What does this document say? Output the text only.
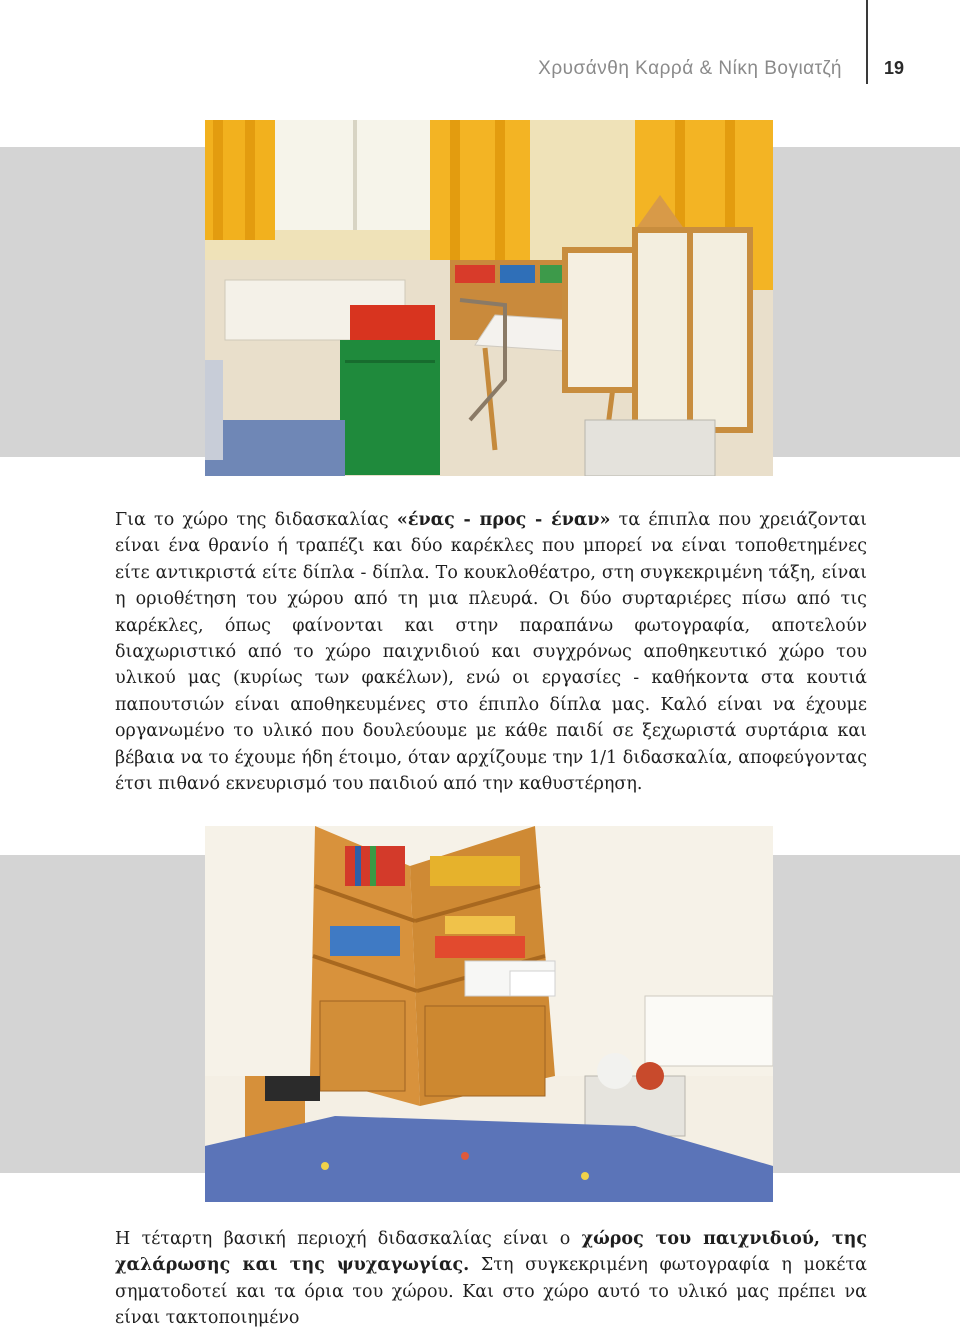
Χρυσάνθη Καρρά & Νίκη Βογιατζή 19

Για το χώρο της διδασκαλίας «ένας - προς - έναν» τα έπιπλα που χρειάζονται είναι ένα θρανίο ή τραπέζι και δύο καρέκλες που μπορεί να είναι τοποθετημένες είτε αντικριστά είτε δίπλα - δίπλα. Το κουκλοθέατρο, στη συγκεκριμένη τάξη, είναι η οριοθέτηση του χώρου από τη μια πλευρά. Οι δύο συρταριέρες πίσω από τις καρέκλες, όπως φαίνονται και στην παραπάνω φωτογραφία, αποτελούν διαχωριστικό από το χώρο παιχνιδιού και συγχρόνως αποθηκευτικό χώρο του υλικού μας (κυρίως των φακέλων), ενώ οι εργασίες - καθήκοντα στα κουτιά παπουτσιών είναι αποθηκευμένες στο έπιπλο δίπλα μας. Καλό είναι να έχουμε οργανωμένο το υλικό που δουλεύουμε με κάθε παιδί σε ξεχωριστά συρτάρια και βέβαια να το έχουμε ήδη έτοιμο, όταν αρχίζουμε την 1/1 διδασκαλία, αποφεύγοντας έτσι πιθανό εκνευρισμό του παιδιού από την καθυστέρηση.

Η τέταρτη βασική περιοχή διδασκαλίας είναι ο χώρος του παιχνιδιού, της χαλάρωσης και της ψυχαγωγίας. Στη συγκεκριμένη φωτογραφία η μοκέτα σηματοδοτεί και τα όρια του χώρου. Και στο χώρο αυτό το υλικό μας πρέπει να είναι τακτοποιημένο
